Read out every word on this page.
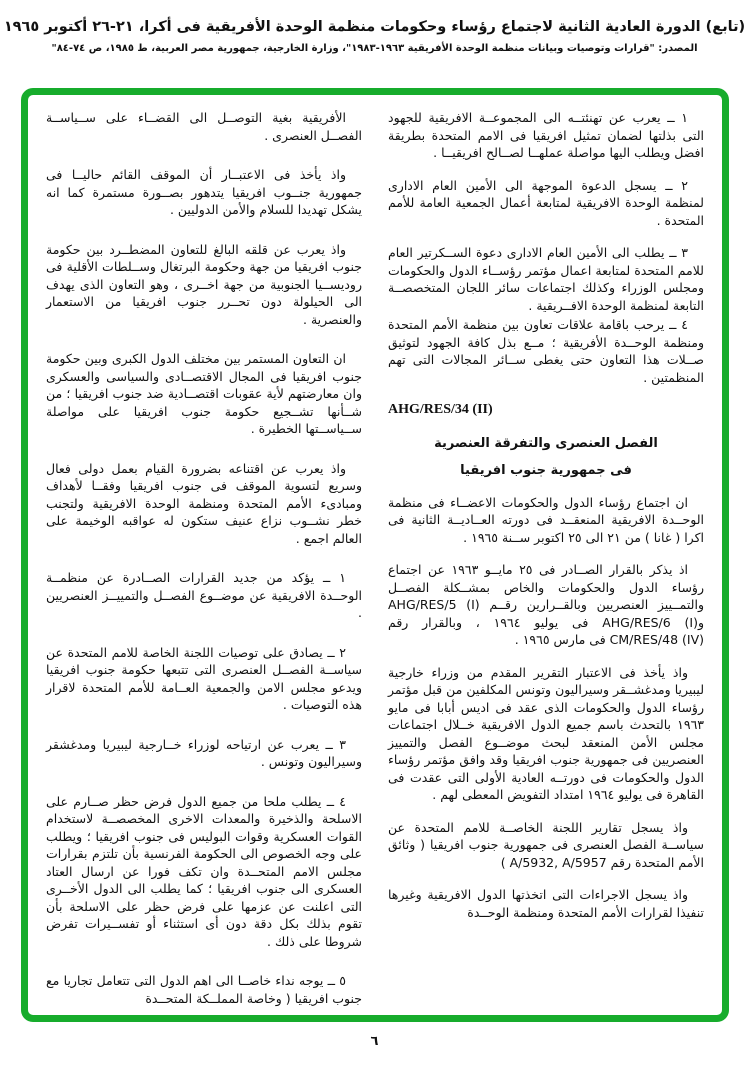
(تابع) الدورة العادية الثانية لاجتماع رؤساء وحكومات منظمة الوحدة الأفريقية فى أكرا، ٢١-٢٦ أكتوبر ١٩٦٥
المصدر: "قرارات وتوصيات وبيانات منظمة الوحدة الأفريقية ١٩٦٣-١٩٨٣"، وزارة الخارجية، جمهورية مصر العربية، ط ١٩٨٥، ص ٧٤-٨٤"

١ ــ يعرب عن تهنئتــه الى المجموعــة الافريقية للجهود التى بذلتها لضمان تمثيل افريقيا فى الامم المتحدة بطريقة افضل ويطلب اليها مواصلة عملهــا لصــالح افريقيــا .

٢ ــ يسجل الدعوة الموجهة الى الأمين العام الادارى لمنظمة الوحدة الافريقية لمتابعة أعمال الجمعية العامة للأمم المتحدة .

٣ ــ يطلب الى الأمين العام الادارى دعوة الســكرتير العام للامم المتحدة لمتابعة اعمال مؤتمر رؤســاء الدول والحكومات ومجلس الوزراء وكذلك اجتماعات سائر اللجان المتخصصــة التابعة لمنظمة الوحدة الافــريقية .

٤ ــ يرحب باقامة علاقات تعاون بين منظمة الأمم المتحدة ومنظمة الوحــدة الأفريقية ؛ مــع بذل كافة الجهود لتوثيق صــلات هذا التعاون حتى يغطى ســائر المجالات التى تهم المنظمتين .

AHG/RES/34 (II)
الفصل العنصرى والتفرقة العنصرية
فى جمهورية جنوب افريقيا

ان اجتماع رؤساء الدول والحكومات الاعضــاء فى منظمة الوحــدة الافريقية المنعقــد فى دورته العــاديــة الثانية فى اكرا ( غانا ) من ٢١ الى ٢٥ اكتوبر ســنة ١٩٦٥ .

اذ يذكر بالقرار الصــادر فى ٢٥ مايــو ١٩٦٣ عن اجتماع رؤساء الدول والحكومات والخاص بمشــكلة الفصــل والتمــييز العنصريين وبالقــرارين رقــم AHG/RES/5 (I) وAHG/RES/6 (I) فى يوليو ١٩٦٤ ، وبالقرار رقم CM/RES/48 (IV) فى مارس ١٩٦٥ .

واذ يأخذ فى الاعتبار التقرير المقدم من وزراء خارجية ليبيريا ومدغشــقر وسيراليون وتونس المكلفين من قبل مؤتمر رؤساء الدول والحكومات الذى عقد فى اديس أبابا فى مايو ١٩٦٣ بالتحدث باسم جميع الدول الافريقية خــلال اجتماعات مجلس الأمن المنعقد لبحث موضــوع الفصل والتمييز العنصريين فى جمهورية جنوب افريقيا وقد وافق مؤتمر رؤساء الدول والحكومات فى دورتــه العادية الأولى التى عقدت فى القاهرة فى يوليو ١٩٦٤ امتداد التفويض المعطى لهم .

واذ يسجل تقارير اللجنة الخاصــة للامم المتحدة عن سياســة الفصل العنصرى فى جمهورية جنوب افريقيا ( وثائق الأمم المتحدة رقم A/5932, A/5957 )

واذ يسجل الاجراءات التى اتخذتها الدول الافريقية وغيرها تنفيذا لقرارات الأمم المتحدة ومنظمة الوحــدة

الأفريقية بغية التوصــل الى القضــاء على ســياســة الفصــل العنصرى .

واذ يأخذ فى الاعتبــار أن الموقف القائم حاليــا فى جمهورية جنــوب افريقيا يتدهور بصــورة مستمرة كما انه يشكل تهديدا للسلام والأمن الدوليين .

واذ يعرب عن قلقه البالغ للتعاون المضطــرد بين حكومة جنوب افريقيا من جهة وحكومة البرتغال وســلطات الأقلية فى روديســيا الجنوبية من جهة اخــرى ، وهو التعاون الذى يهدف الى الحيلولة دون تحــرر جنوب افريقيا من الاستعمار والعنصرية .

ان التعاون المستمر بين مختلف الدول الكبرى وبين حكومة جنوب افريقيا فى المجال الاقتصــادى والسياسى والعسكرى وان معارضتهم لأية عقوبات اقتصــادية ضد جنوب افريقيا ؛ من شــأنها تشــجيع حكومة جنوب افريقيا على مواصلة ســياســتها الخطيرة .

واذ يعرب عن اقتناعه بضرورة القيام بعمل دولى فعال وسريع لتسوية الموقف فى جنوب افريقيا وفقــا لأهداف ومبادىء الأمم المتحدة ومنظمة الوحدة الافريقية ولتجنب خطر نشــوب نزاع عنيف ستكون له عواقبه الوخيمة على العالم اجمع .

١ ــ يؤكد من جديد القرارات الصــادرة عن منظمــة الوحــدة الافريقية عن موضــوع الفصــل والتمييــز العنصريين .

٢ ــ يصادق على توصيات اللجنة الخاصة للامم المتحدة عن سياســة الفصــل العنصرى التى تتبعها حكومة جنوب افريقيا ويدعو مجلس الامن والجمعية العــامة للأمم المتحدة لاقرار هذه التوصيات .

٣ ــ يعرب عن ارتياحه لوزراء خــارجية ليبيريا ومدغشقر وسيراليون وتونس .

٤ ــ يطلب ملحا من جميع الدول فرض حظر صــارم على الاسلحة والذخيرة والمعدات الاخرى المخصصــة لاستخدام القوات العسكرية وقوات البوليس فى جنوب افريقيا ؛ ويطلب على وجه الخصوص الى الحكومة الفرنسية بأن تلتزم بقرارات مجلس الامم المتحــدة وان تكف فورا عن ارسال العتاد العسكرى الى جنوب افريقيا ؛ كما يطلب الى الدول الأخــرى التى اعلنت عن عزمها على فرض حظر على الاسلحة بأن تقوم بذلك بكل دقة دون أى استثناء أو تفســيرات تفرض شروطا على ذلك .

٥ ــ يوجه نداء خاصــا الى اهم الدول التى تتعامل تجاريا مع جنوب افريقيا ( وخاصة المملــكة المتحــدة

٦
